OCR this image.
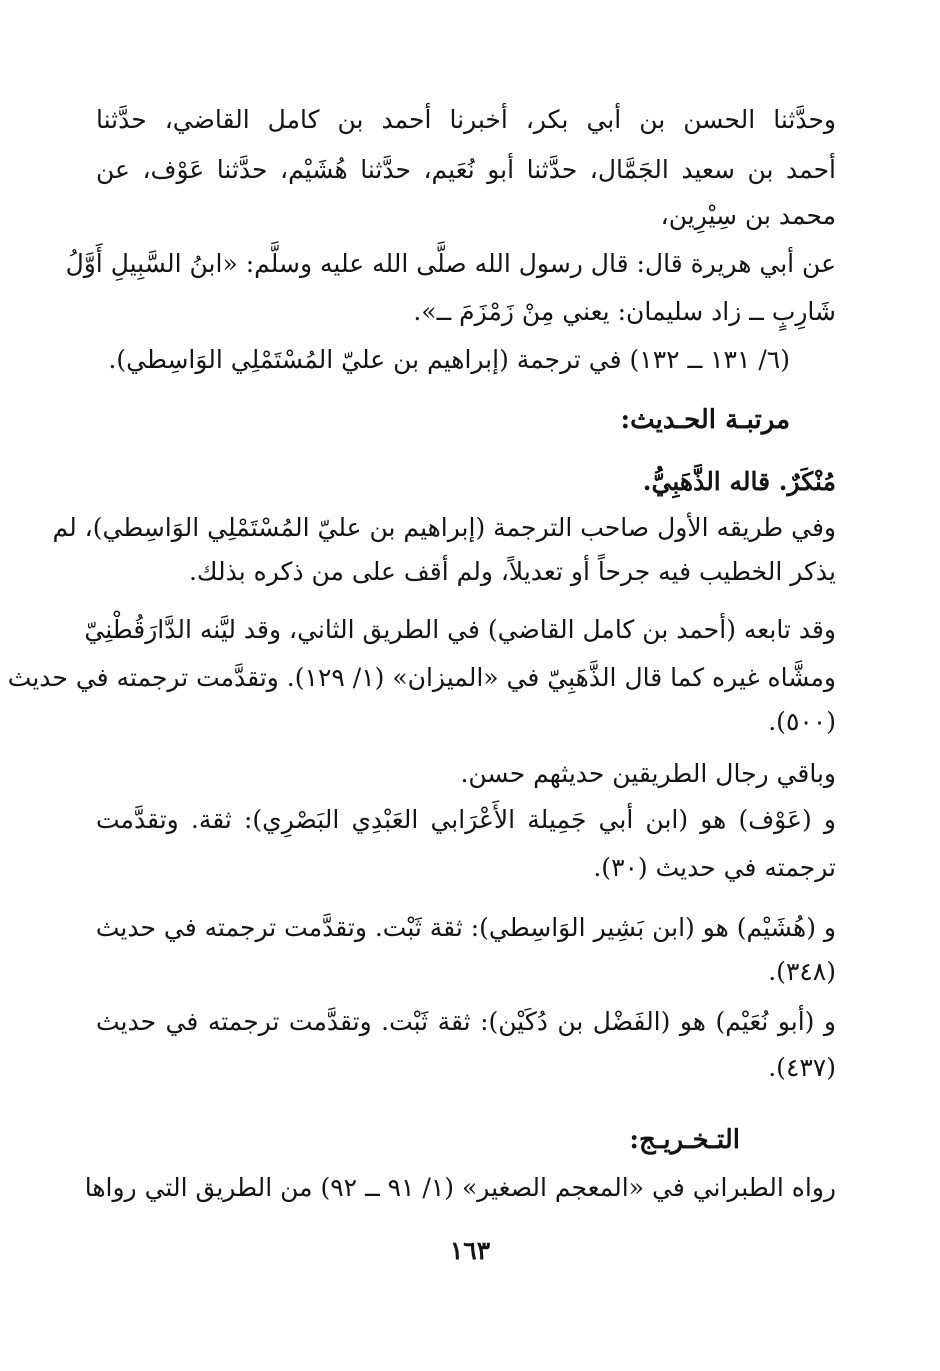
وحدَّثنا الحسن بن أبي بكر، أخبرنا أحمد بن كامل القاضي، حدَّثنا
أحمد بن سعيد الجَمَّال، حدَّثنا أبو نُعَيم، حدَّثنا هُشَيْم، حدَّثنا عَوْف، عن
محمد بن سِيْرِين،
عن أبي هريرة قال: قال رسول الله صلَّى الله عليه وسلَّم: «ابنُ السَّبِيلِ أَوَّلُ
شَارِبٍ ــ زاد سليمان: يعني مِنْ زَمْزَمَ ــ».
(٦/ ١٣١ ــ ١٣٢) في ترجمة (إبراهيم بن عليّ المُسْتَمْلِي الوَاسِطي).
مرتبـة الحـديث:
مُنْكَرٌ. قاله الذَّهَبِيُّ.
وفي طريقه الأول صاحب الترجمة (إبراهيم بن عليّ المُسْتَمْلِي الوَاسِطي)، لم
يذكر الخطيب فيه جرحاً أو تعديلاً، ولم أقف على من ذكره بذلك.
وقد تابعه (أحمد بن كامل القاضي) في الطريق الثاني، وقد ليَّنه الدَّارَقُطْنِيّ
ومشَّاه غيره كما قال الذَّهَبِيّ في «الميزان» (١/ ١٢٩). وتقدَّمت ترجمته في حديث
(٥٠٠).
وباقي رجال الطريقين حديثهم حسن.
و (عَوْف) هو (ابن أبي جَمِيلة الأَعْرَابي العَبْدِي البَصْرِي): ثقة. وتقدَّمت
ترجمته في حديث (٣٠).
و (هُشَيْم) هو (ابن بَشِير الوَاسِطي): ثقة ثَبْت. وتقدَّمت ترجمته في حديث
(٣٤٨).
و (أبو نُعَيْم) هو (الفَضْل بن دُكَيْن): ثقة ثَبْت. وتقدَّمت ترجمته في حديث
(٤٣٧).
التـخـريـج:
رواه الطبراني في «المعجم الصغير» (١/ ٩١ ــ ٩٢) من الطريق التي رواها
١٦٣
